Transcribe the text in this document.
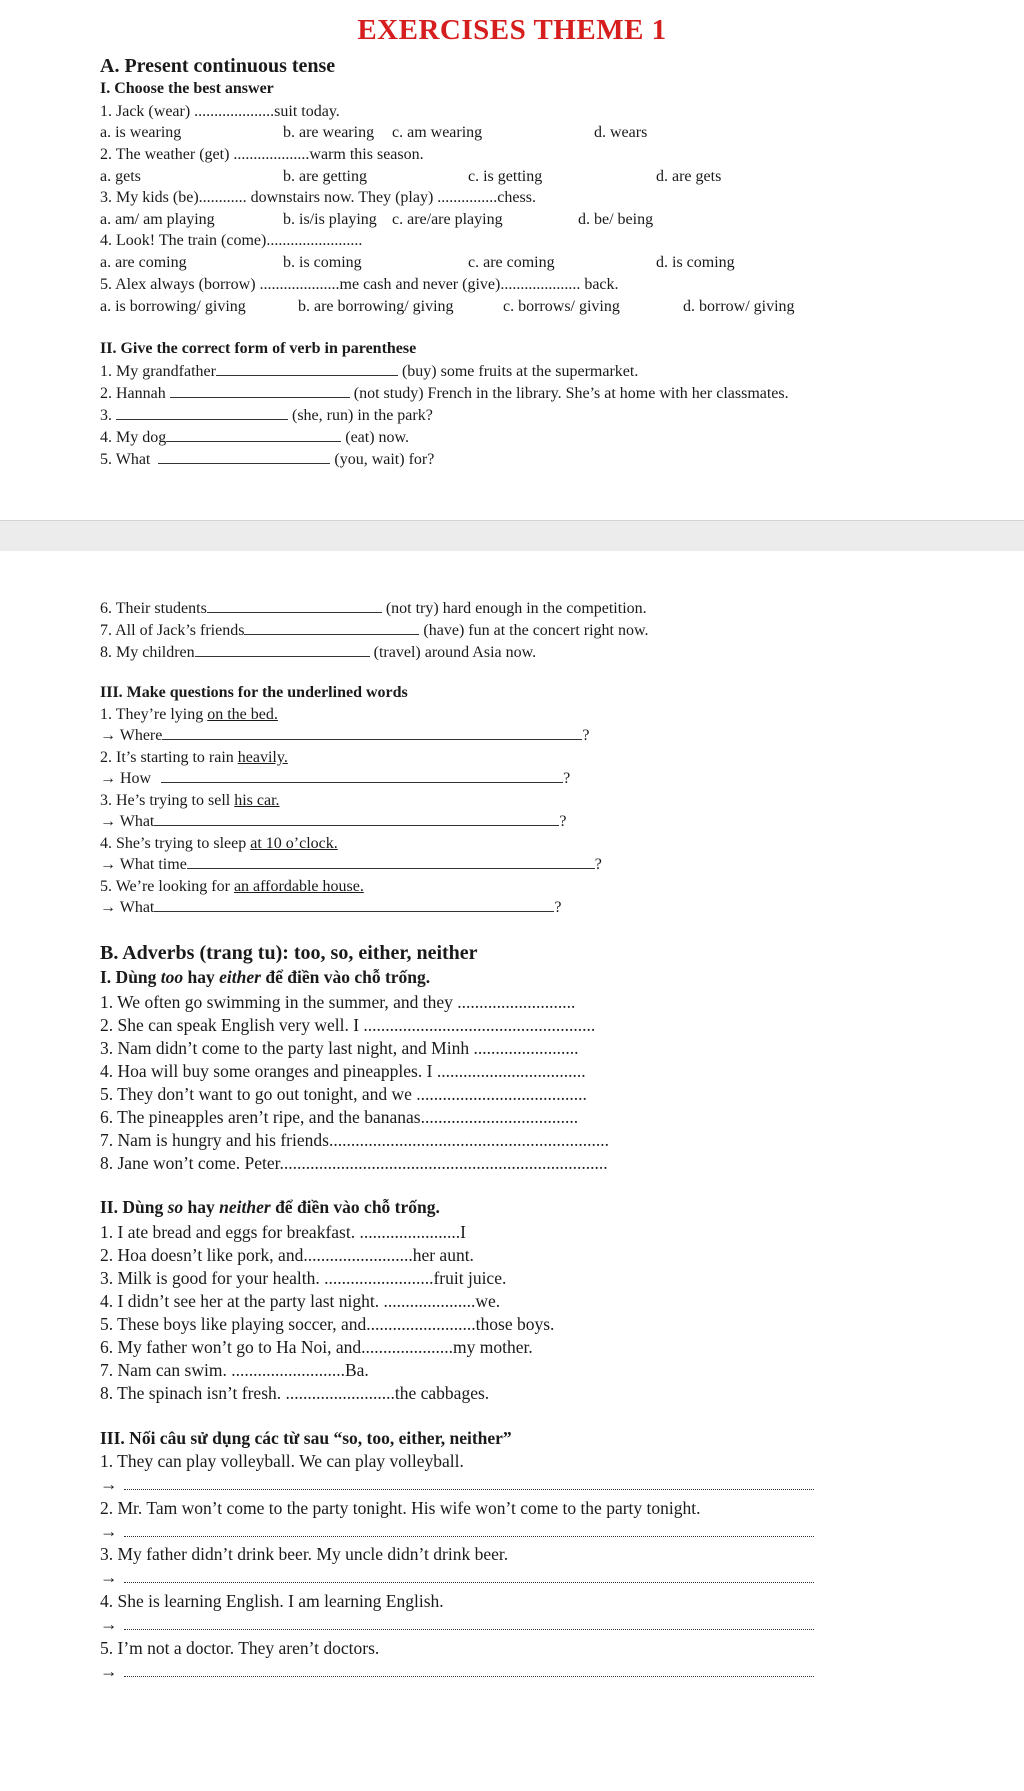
EXERCISES THEME 1
A. Present continuous tense
I. Choose the best answer
1. Jack (wear) ....................suit today.
a. is wearing	b. are wearing c. am wearing	d. wears
2. The weather (get) ...................warm this season.
a. gets	b. are getting	c. is getting	d. are gets
3. My kids (be)............ downstairs now. They (play) ...............chess.
a. am/ am playing	b. is/is playing c. are/are playing	d. be/ being
4. Look! The train (come)........................
a. are coming	b. is coming	c. are coming	d. is coming
5. Alex always (borrow) ....................me cash and never (give).................... back.
a. is borrowing/ giving	b. are borrowing/ giving	c. borrows/ giving	d. borrow/ giving
II. Give the correct form of verb in parenthese
1. My grandfather	(buy) some fruits at the supermarket.
2. Hannah	(not study) French in the library. She’s at home with her classmates.
3.	(she, run) in the park?
4. My dog	(eat) now.
5. What	(you, wait) for?
6. Their students	(not try) hard enough in the competition.
7. All of Jack’s friends	(have) fun at the concert right now.
8. My children	(travel) around Asia now.
III. Make questions for the underlined words
1. They’re lying on the bed.
→ Where	?
2. It’s starting to rain heavily.
→ How	?
3. He’s trying to sell his car.
→ What	?
4. She’s trying to sleep at 10 o’clock.
→ What time	?
5. We’re looking for an affordable house.
→ What	?
B. Adverbs (trang tu): too, so, either, neither
I. Dùng too hay either để điền vào chỗ trống.
1. We often go swimming in the summer, and they ...........................
2. She can speak English very well. I .....................................................
3. Nam didn’t come to the party last night, and Minh ........................
4. Hoa will buy some oranges and pineapples. I ..................................
5. They don’t want to go out tonight, and we .......................................
6. The pineapples aren’t ripe, and the bananas....................................
7. Nam is hungry and his friends................................................................
8. Jane won’t come. Peter...........................................................................
II. Dùng so hay neither để điền vào chỗ trống.
1. I ate bread and eggs for breakfast. .......................I
2. Hoa doesn’t like pork, and.........................her aunt.
3. Milk is good for your health. .........................fruit juice.
4. I didn’t see her at the party last night. .....................we.
5. These boys like playing soccer, and.........................those boys.
6. My father won’t go to Ha Noi, and.....................my mother.
7. Nam can swim. ..........................Ba.
8. The spinach isn’t fresh. .........................the cabbages.
III. Nối câu sử dụng các từ sau “so, too, either, neither”
1. They can play volleyball. We can play volleyball.
→
2. Mr. Tam won’t come to the party tonight. His wife won’t come to the party tonight.
→
3. My father didn’t drink beer. My uncle didn’t drink beer.
→
4. She is learning English. I am learning English.
→
5. I’m not a doctor. They aren’t doctors.
→
